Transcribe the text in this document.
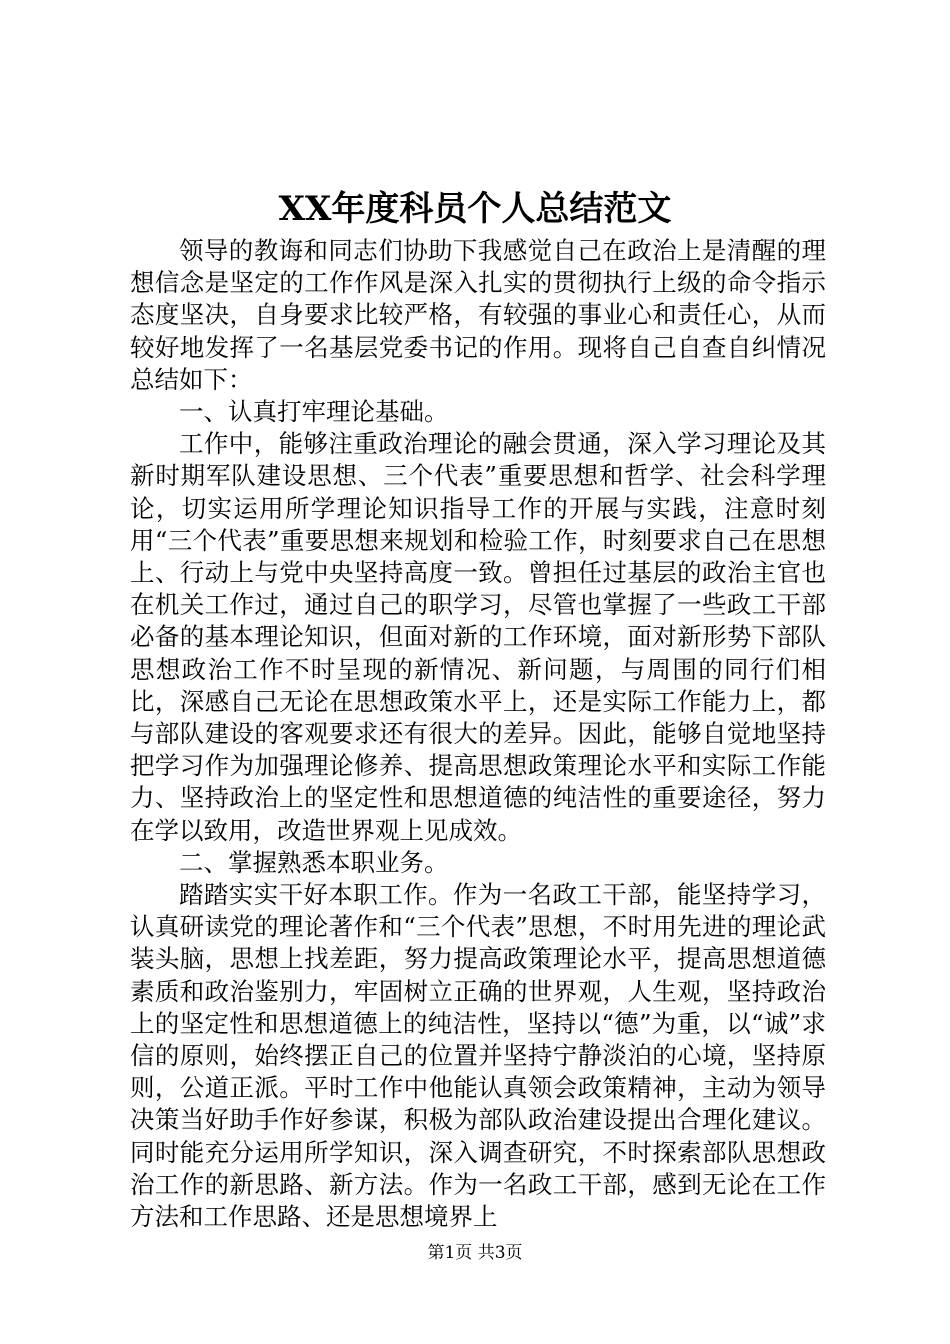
XX年度科员个人总结范文

领导的教诲和同志们协助下我感觉自己在政治上是清醒的理想信念是坚定的工作作风是深入扎实的贯彻执行上级的命令指示态度坚决，自身要求比较严格，有较强的事业心和责任心，从而较好地发挥了一名基层党委书记的作用。现将自己自查自纠情况总结如下：

一、认真打牢理论基础。

工作中，能够注重政治理论的融会贯通，深入学习理论及其新时期军队建设思想、三个代表”重要思想和哲学、社会科学理论，切实运用所学理论知识指导工作的开展与实践，注意时刻用“三个代表”重要思想来规划和检验工作，时刻要求自己在思想上、行动上与党中央坚持高度一致。曾担任过基层的政治主官也在机关工作过，通过自己的职学习，尽管也掌握了一些政工干部必备的基本理论知识，但面对新的工作环境，面对新形势下部队思想政治工作不时呈现的新情况、新问题，与周围的同行们相比，深感自己无论在思想政策水平上，还是实际工作能力上，都与部队建设的客观要求还有很大的差异。因此，能够自觉地坚持把学习作为加强理论修养、提高思想政策理论水平和实际工作能力、坚持政治上的坚定性和思想道德的纯洁性的重要途径，努力在学以致用，改造世界观上见成效。

二、掌握熟悉本职业务。

踏踏实实干好本职工作。作为一名政工干部，能坚持学习，认真研读党的理论著作和“三个代表”思想，不时用先进的理论武装头脑，思想上找差距，努力提高政策理论水平，提高思想道德素质和政治鉴别力，牢固树立正确的世界观，人生观，坚持政治上的坚定性和思想道德上的纯洁性，坚持以“德”为重，以“诚”求信的原则，始终摆正自己的位置并坚持宁静淡泊的心境，坚持原则，公道正派。平时工作中他能认真领会政策精神，主动为领导决策当好助手作好参谋，积极为部队政治建设提出合理化建议。同时能充分运用所学知识，深入调查研究，不时探索部队思想政治工作的新思路、新方法。作为一名政工干部，感到无论在工作方法和工作思路、还是思想境界上

第1页 共3页
